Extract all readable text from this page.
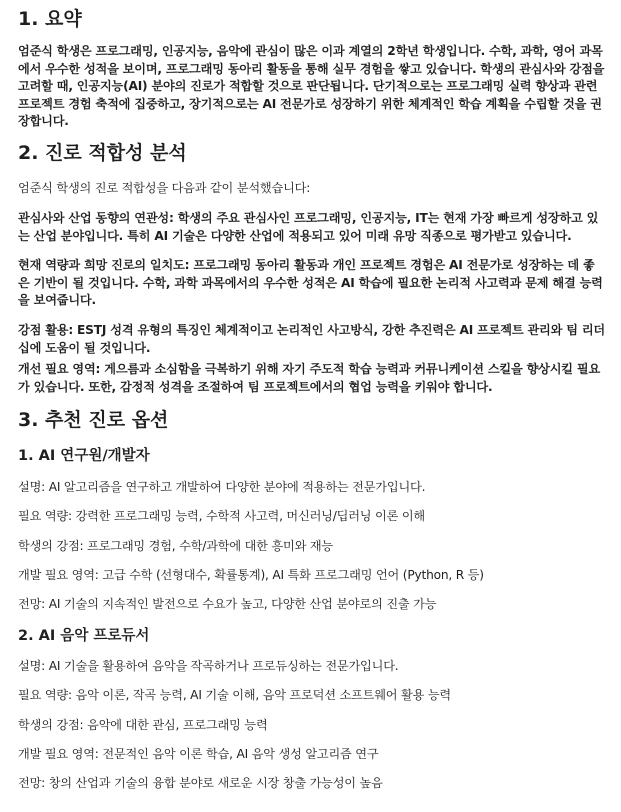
1. 요약

엄준식 학생은 프로그래밍, 인공지능, 음악에 관심이 많은 이과 계열의 2학년 학생입니다. 수학, 과학, 영어 과목에서 우수한 성적을 보이며, 프로그래밍 동아리 활동을 통해 실무 경험을 쌓고 있습니다. 학생의 관심사와 강점을 고려할 때, 인공지능(AI) 분야의 진로가 적합할 것으로 판단됩니다. 단기적으로는 프로그래밍 실력 향상과 관련 프로젝트 경험 축적에 집중하고, 장기적으로는 AI 전문가로 성장하기 위한 체계적인 학습 계획을 수립할 것을 권장합니다.

2. 진로 적합성 분석

엄준식 학생의 진로 적합성을 다음과 같이 분석했습니다:

관심사와 산업 동향의 연관성: 학생의 주요 관심사인 프로그래밍, 인공지능, IT는 현재 가장 빠르게 성장하고 있는 산업 분야입니다. 특히 AI 기술은 다양한 산업에 적용되고 있어 미래 유망 직종으로 평가받고 있습니다.

현재 역량과 희망 진로의 일치도: 프로그래밍 동아리 활동과 개인 프로젝트 경험은 AI 전문가로 성장하는 데 좋은 기반이 될 것입니다. 수학, 과학 과목에서의 우수한 성적은 AI 학습에 필요한 논리적 사고력과 문제 해결 능력을 보여줍니다.

강점 활용: ESTJ 성격 유형의 특징인 체계적이고 논리적인 사고방식, 강한 추진력은 AI 프로젝트 관리와 팀 리더십에 도움이 될 것입니다.

개선 필요 영역: 게으름과 소심함을 극복하기 위해 자기 주도적 학습 능력과 커뮤니케이션 스킬을 향상시킬 필요가 있습니다. 또한, 감정적 성격을 조절하여 팀 프로젝트에서의 협업 능력을 키워야 합니다.

3. 추천 진로 옵션
1. AI 연구원/개발자

설명: AI 알고리즘을 연구하고 개발하여 다양한 분야에 적용하는 전문가입니다.

필요 역량: 강력한 프로그래밍 능력, 수학적 사고력, 머신러닝/딥러닝 이론 이해

학생의 강점: 프로그래밍 경험, 수학/과학에 대한 흥미와 재능

개발 필요 영역: 고급 수학 (선형대수, 확률통계), AI 특화 프로그래밍 언어 (Python, R 등)

전망: AI 기술의 지속적인 발전으로 수요가 높고, 다양한 산업 분야로의 진출 가능

2. AI 음악 프로듀서

설명: AI 기술을 활용하여 음악을 작곡하거나 프로듀싱하는 전문가입니다.

필요 역량: 음악 이론, 작곡 능력, AI 기술 이해, 음악 프로덕션 소프트웨어 활용 능력

학생의 강점: 음악에 대한 관심, 프로그래밍 능력

개발 필요 영역: 전문적인 음악 이론 학습, AI 음악 생성 알고리즘 연구

전망: 창의 산업과 기술의 융합 분야로 새로운 시장 창출 가능성이 높음
